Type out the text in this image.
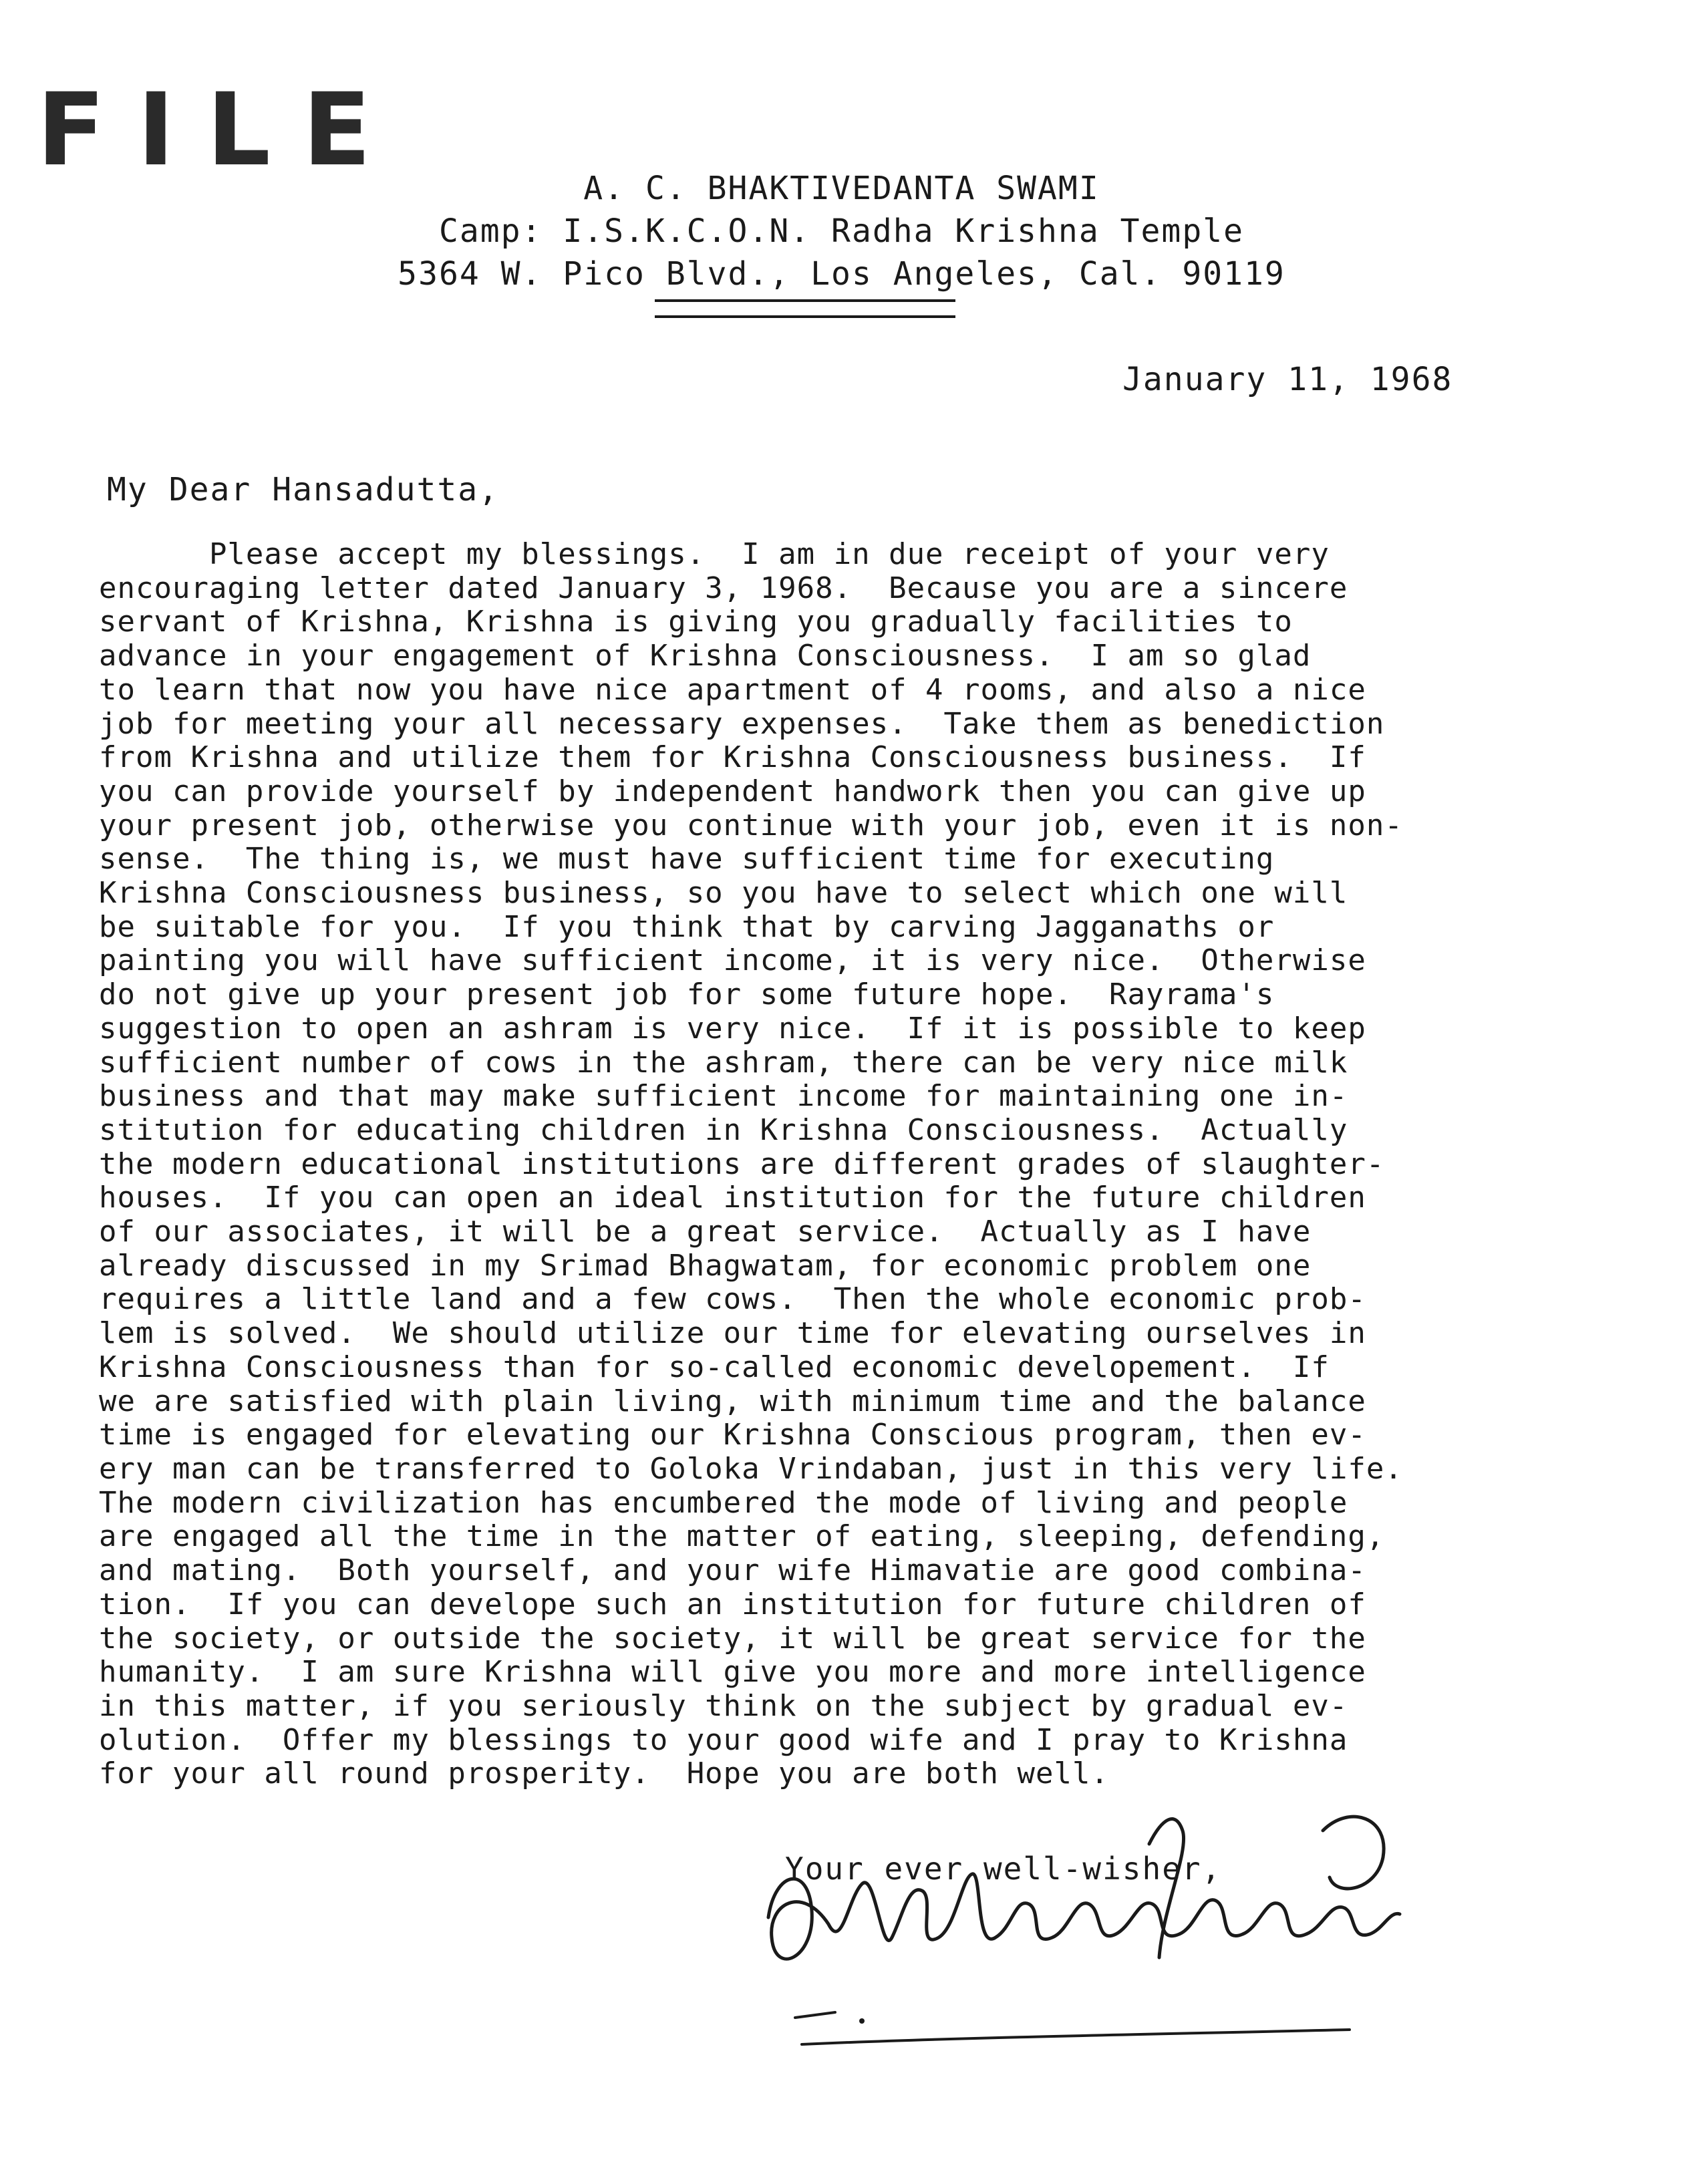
FILE	A. C. BHAKTIVEDANTA SWAMI
Camp: I.S.K.C.O.N. Radha Krishna Temple
5364 W. Pico Blvd., Los Angeles, Cal. 90119
January 11, 1968
My Dear Hansadutta,
Please accept my blessings.  I am in due receipt of your very
encouraging letter dated January 3, 1968.  Because you are a sincere
servant of Krishna, Krishna is giving you gradually facilities to
advance in your engagement of Krishna Consciousness.  I am so glad
to learn that now you have nice apartment of 4 rooms, and also a nice
job for meeting your all necessary expenses.  Take them as benediction
from Krishna and utilize them for Krishna Consciousness business.  If
you can provide yourself by independent handwork then you can give up
your present job, otherwise you continue with your job, even it is non-
sense.  The thing is, we must have sufficient time for executing
Krishna Consciousness business, so you have to select which one will
be suitable for you.  If you think that by carving Jagganaths or
painting you will have sufficient income, it is very nice.  Otherwise
do not give up your present job for some future hope.  Rayrama's
suggestion to open an ashram is very nice.  If it is possible to keep
sufficient number of cows in the ashram, there can be very nice milk
business and that may make sufficient income for maintaining one in-
stitution for educating children in Krishna Consciousness.  Actually
the modern educational institutions are different grades of slaughter-
houses.  If you can open an ideal institution for the future children
of our associates, it will be a great service.  Actually as I have
already discussed in my Srimad Bhagwatam, for economic problem one
requires a little land and a few cows.  Then the whole economic prob-
lem is solved.  We should utilize our time for elevating ourselves in
Krishna Consciousness than for so-called economic developement.  If
we are satisfied with plain living, with minimum time and the balance
time is engaged for elevating our Krishna Conscious program, then ev-
ery man can be transferred to Goloka Vrindaban, just in this very life.
The modern civilization has encumbered the mode of living and people
are engaged all the time in the matter of eating, sleeping, defending,
and mating.  Both yourself, and your wife Himavatie are good combina-
tion.  If you can develope such an institution for future children of
the society, or outside the society, it will be great service for the
humanity.  I am sure Krishna will give you more and more intelligence
in this matter, if you seriously think on the subject by gradual ev-
olution.  Offer my blessings to your good wife and I pray to Krishna
for your all round prosperity.  Hope you are both well.
Your ever well-wisher,
